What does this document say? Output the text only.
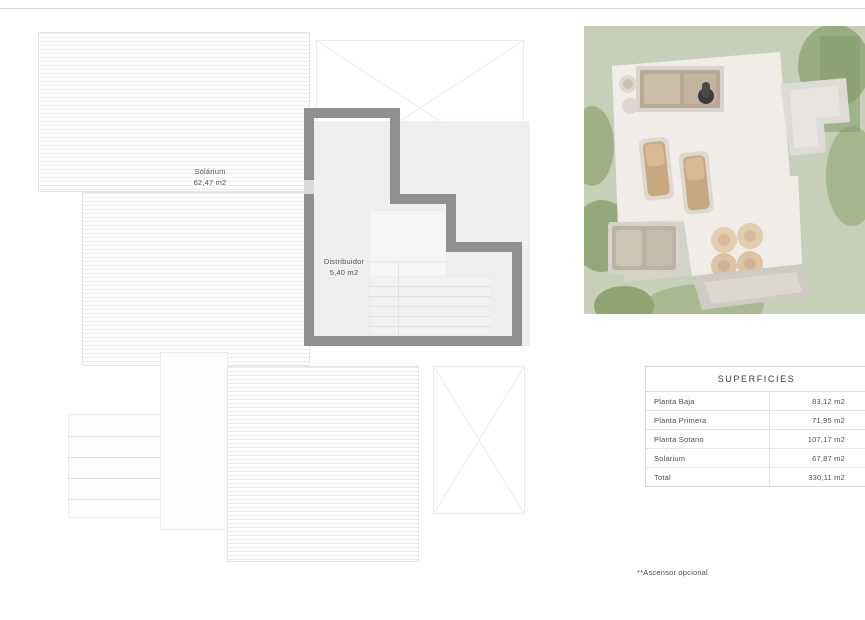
Solárium
62,47 m2
Distribuidor
5,40 m2
SUPERFICIES	
Planta Baja	83,12 m2
Planta Primera	71,95 m2
Planta Sotano	107,17 m2
Solarium	67,87 m2
Total	330,11 m2
**Ascensor opcional
